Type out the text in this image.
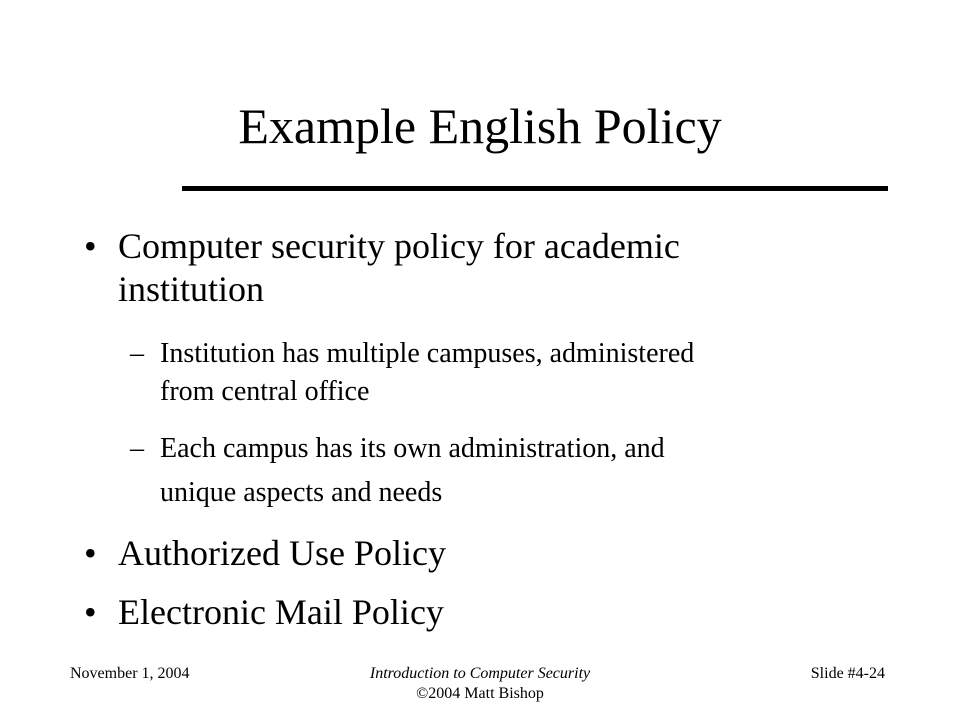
Example English Policy
• Computer security policy for academic
institution
– Institution has multiple campuses, administered
from central office
– Each campus has its own administration, and
unique aspects and needs
• Authorized Use Policy
• Electronic Mail Policy
November 1, 2004	Introduction to Computer Security
©2004 Matt Bishop
Slide #4-24
